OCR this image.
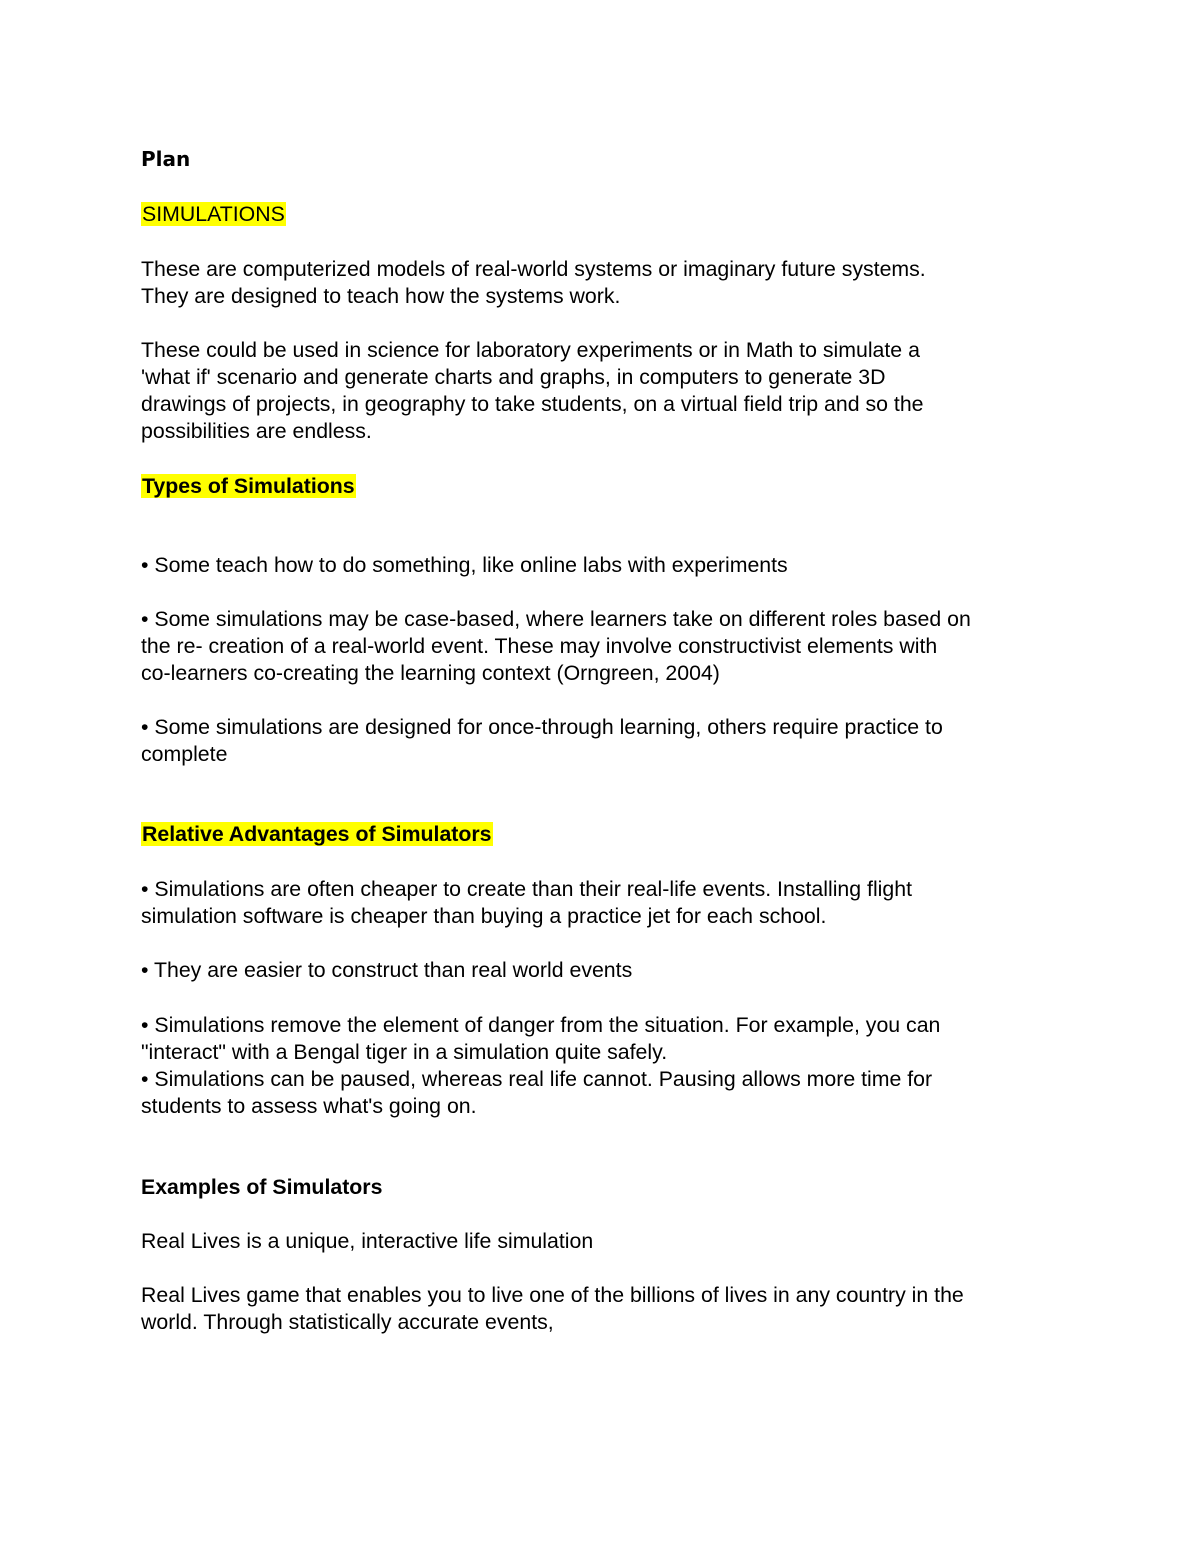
Plan
SIMULATIONS
These are computerized models of real-world systems or imaginary future systems.
They are designed to teach how the systems work.
These could be used in science for laboratory experiments or in Math to simulate a
'what if' scenario and generate charts and graphs, in computers to generate 3D
drawings of projects, in geography to take students, on a virtual field trip and so the
possibilities are endless.
Types of Simulations
• Some teach how to do something, like online labs with experiments
• Some simulations may be case-based, where learners take on different roles based on
the re- creation of a real-world event. These may involve constructivist elements with
co-learners co-creating the learning context (Orngreen, 2004)
• Some simulations are designed for once-through learning, others require practice to
complete
Relative Advantages of Simulators
• Simulations are often cheaper to create than their real-life events. Installing flight
simulation software is cheaper than buying a practice jet for each school.
• They are easier to construct than real world events
• Simulations remove the element of danger from the situation. For example, you can
"interact" with a Bengal tiger in a simulation quite safely.
• Simulations can be paused, whereas real life cannot. Pausing allows more time for
students to assess what's going on.
Examples of Simulators
Real Lives is a unique, interactive life simulation
Real Lives game that enables you to live one of the billions of lives in any country in the
world. Through statistically accurate events,
